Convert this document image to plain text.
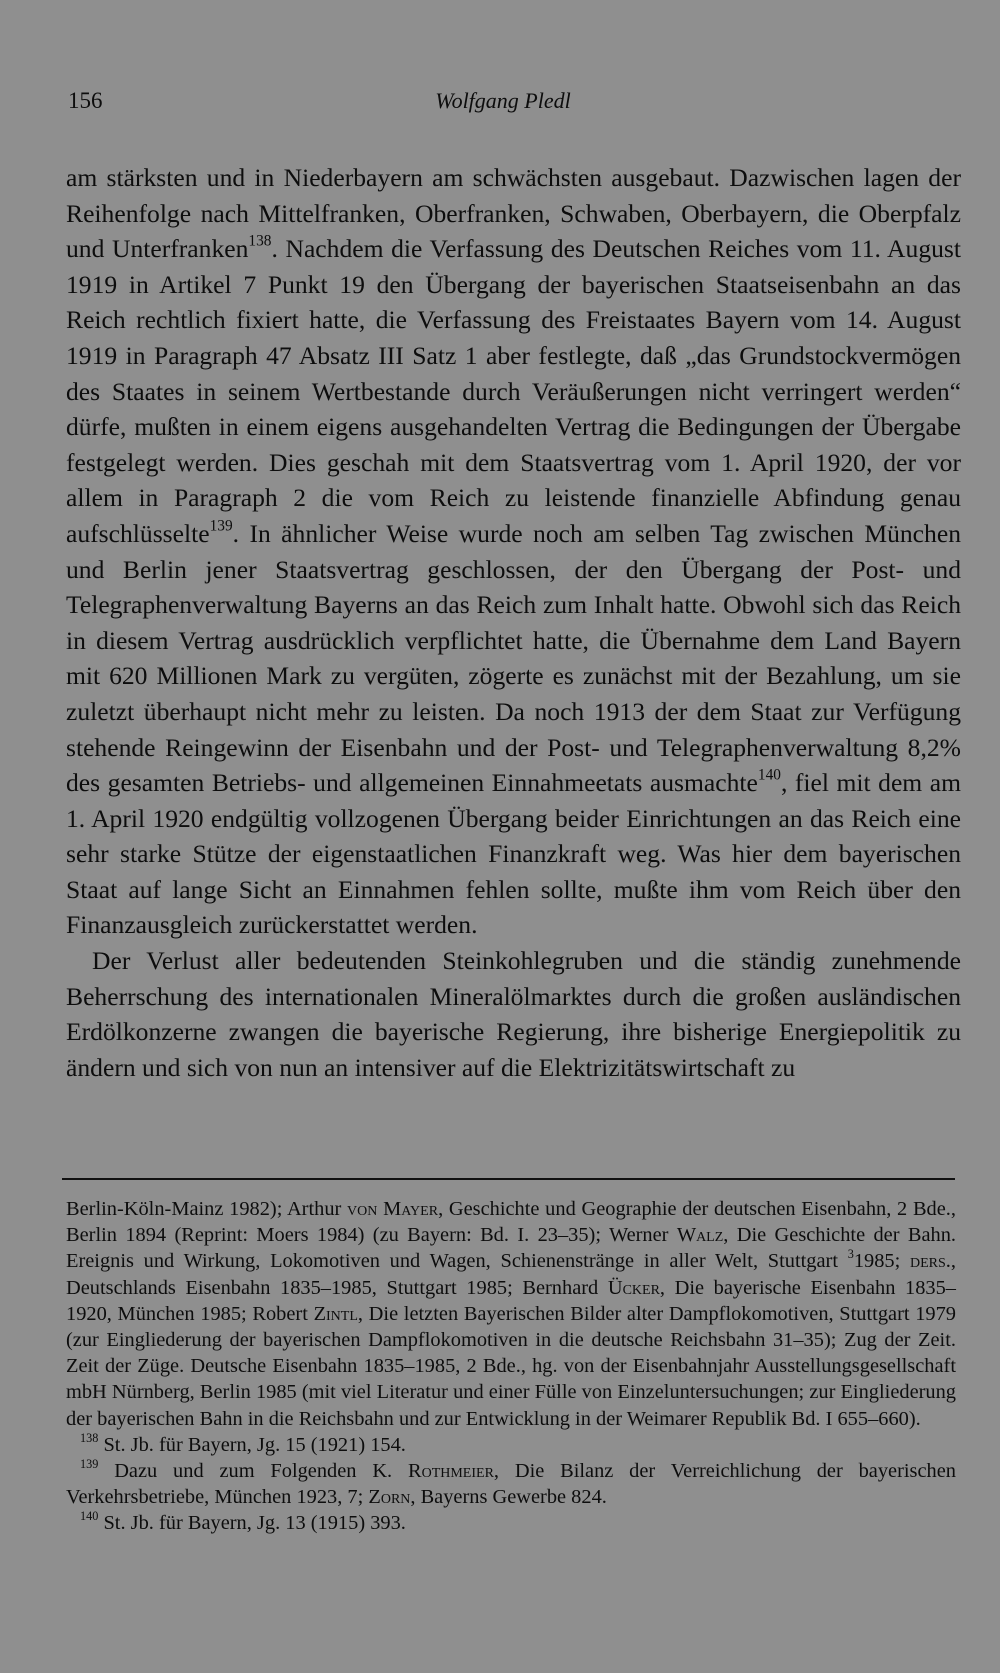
156	Wolfgang Pledl

am stärksten und in Niederbayern am schwächsten ausgebaut. Dazwischen lagen der Reihenfolge nach Mittelfranken, Oberfranken, Schwaben, Oberbayern, die Oberpfalz und Unterfranken$^{138}$. Nachdem die Verfassung des Deutschen Reiches vom 11. August 1919 in Artikel 7 Punkt 19 den Übergang der bayerischen Staatseisenbahn an das Reich rechtlich fixiert hatte, die Verfassung des Freistaates Bayern vom 14. August 1919 in Paragraph 47 Absatz III Satz 1 aber festlegte, daß „das Grundstockvermögen des Staates in seinem Wertbestande durch Veräußerungen nicht verringert werden“ dürfe, mußten in einem eigens ausgehandelten Vertrag die Bedingungen der Übergabe festgelegt werden. Dies geschah mit dem Staatsvertrag vom 1. April 1920, der vor allem in Paragraph 2 die vom Reich zu leistende finanzielle Abfindung genau aufschlüsselte$^{139}$. In ähnlicher Weise wurde noch am selben Tag zwischen München und Berlin jener Staatsvertrag geschlossen, der den Übergang der Post- und Telegraphenverwaltung Bayerns an das Reich zum Inhalt hatte. Obwohl sich das Reich in diesem Vertrag ausdrücklich verpflichtet hatte, die Übernahme dem Land Bayern mit 620 Millionen Mark zu vergüten, zögerte es zunächst mit der Bezahlung, um sie zuletzt überhaupt nicht mehr zu leisten. Da noch 1913 der dem Staat zur Verfügung stehende Reingewinn der Eisenbahn und der Post- und Telegraphenverwaltung 8,2% des gesamten Betriebs- und allgemeinen Einnahmeetats ausmachte$^{140}$, fiel mit dem am 1. April 1920 endgültig vollzogenen Übergang beider Einrichtungen an das Reich eine sehr starke Stütze der eigenstaatlichen Finanzkraft weg. Was hier dem bayerischen Staat auf lange Sicht an Einnahmen fehlen sollte, mußte ihm vom Reich über den Finanzausgleich zurückerstattet werden.

Der Verlust aller bedeutenden Steinkohlegruben und die ständig zunehmende Beherrschung des internationalen Mineralölmarktes durch die großen ausländischen Erdölkonzerne zwangen die bayerische Regierung, ihre bisherige Energiepolitik zu ändern und sich von nun an intensiver auf die Elektrizitätswirtschaft zu

Berlin-Köln-Mainz 1982); Arthur von Mayer, Geschichte und Geographie der deutschen Eisenbahn, 2 Bde., Berlin 1894 (Reprint: Moers 1984) (zu Bayern: Bd. I. 23–35); Werner Walz, Die Geschichte der Bahn. Ereignis und Wirkung, Lokomotiven und Wagen, Schienenstränge in aller Welt, Stuttgart $^3$1985; ders., Deutschlands Eisenbahn 1835–1985, Stuttgart 1985; Bernhard Ücker, Die bayerische Eisenbahn 1835–1920, München 1985; Robert Zintl, Die letzten Bayerischen Bilder alter Dampflokomotiven, Stuttgart 1979 (zur Eingliederung der bayerischen Dampflokomotiven in die deutsche Reichsbahn 31–35); Zug der Zeit. Zeit der Züge. Deutsche Eisenbahn 1835–1985, 2 Bde., hg. von der Eisenbahnjahr Ausstellungsgesellschaft mbH Nürnberg, Berlin 1985 (mit viel Literatur und einer Fülle von Einzeluntersuchungen; zur Eingliederung der bayerischen Bahn in die Reichsbahn und zur Entwicklung in der Weimarer Republik Bd. I 655–660).

$^{138}$ St. Jb. für Bayern, Jg. 15 (1921) 154.

$^{139}$ Dazu und zum Folgenden K. Rothmeier, Die Bilanz der Verreichlichung der bayerischen Verkehrsbetriebe, München 1923, 7; Zorn, Bayerns Gewerbe 824.

$^{140}$ St. Jb. für Bayern, Jg. 13 (1915) 393.
